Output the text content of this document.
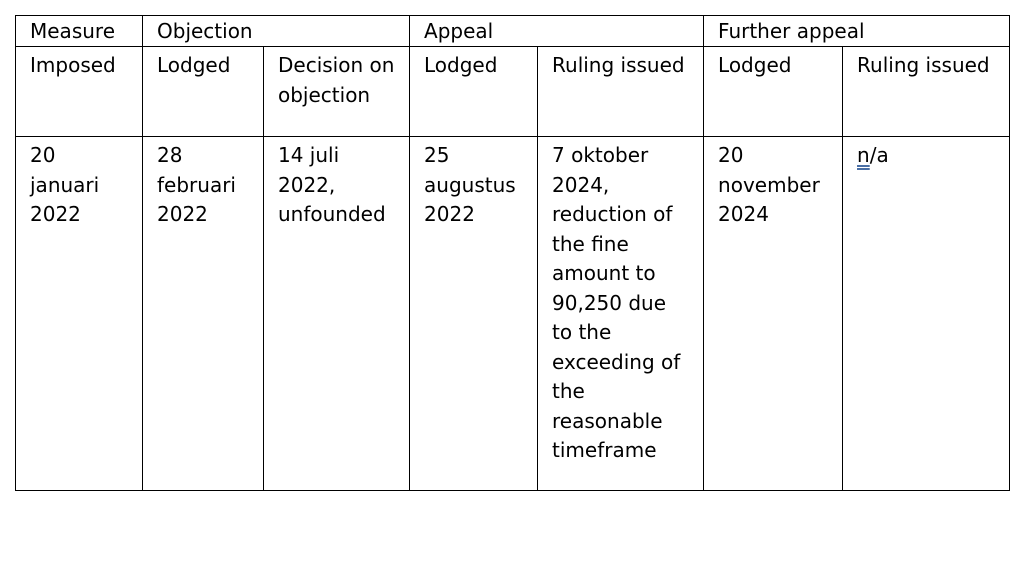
Measure	Objection		Appeal		Further appeal	
Imposed	Lodged	Decision on objection	Lodged	Ruling issued	Lodged	Ruling issued
20 januari 2022	28 februari 2022	14 juli 2022, unfounded	25 augustus 2022	7 oktober 2024, reduction of the fine amount to 90,250 due to the exceeding of the reasonable timeframe	20 november 2024	n/a
